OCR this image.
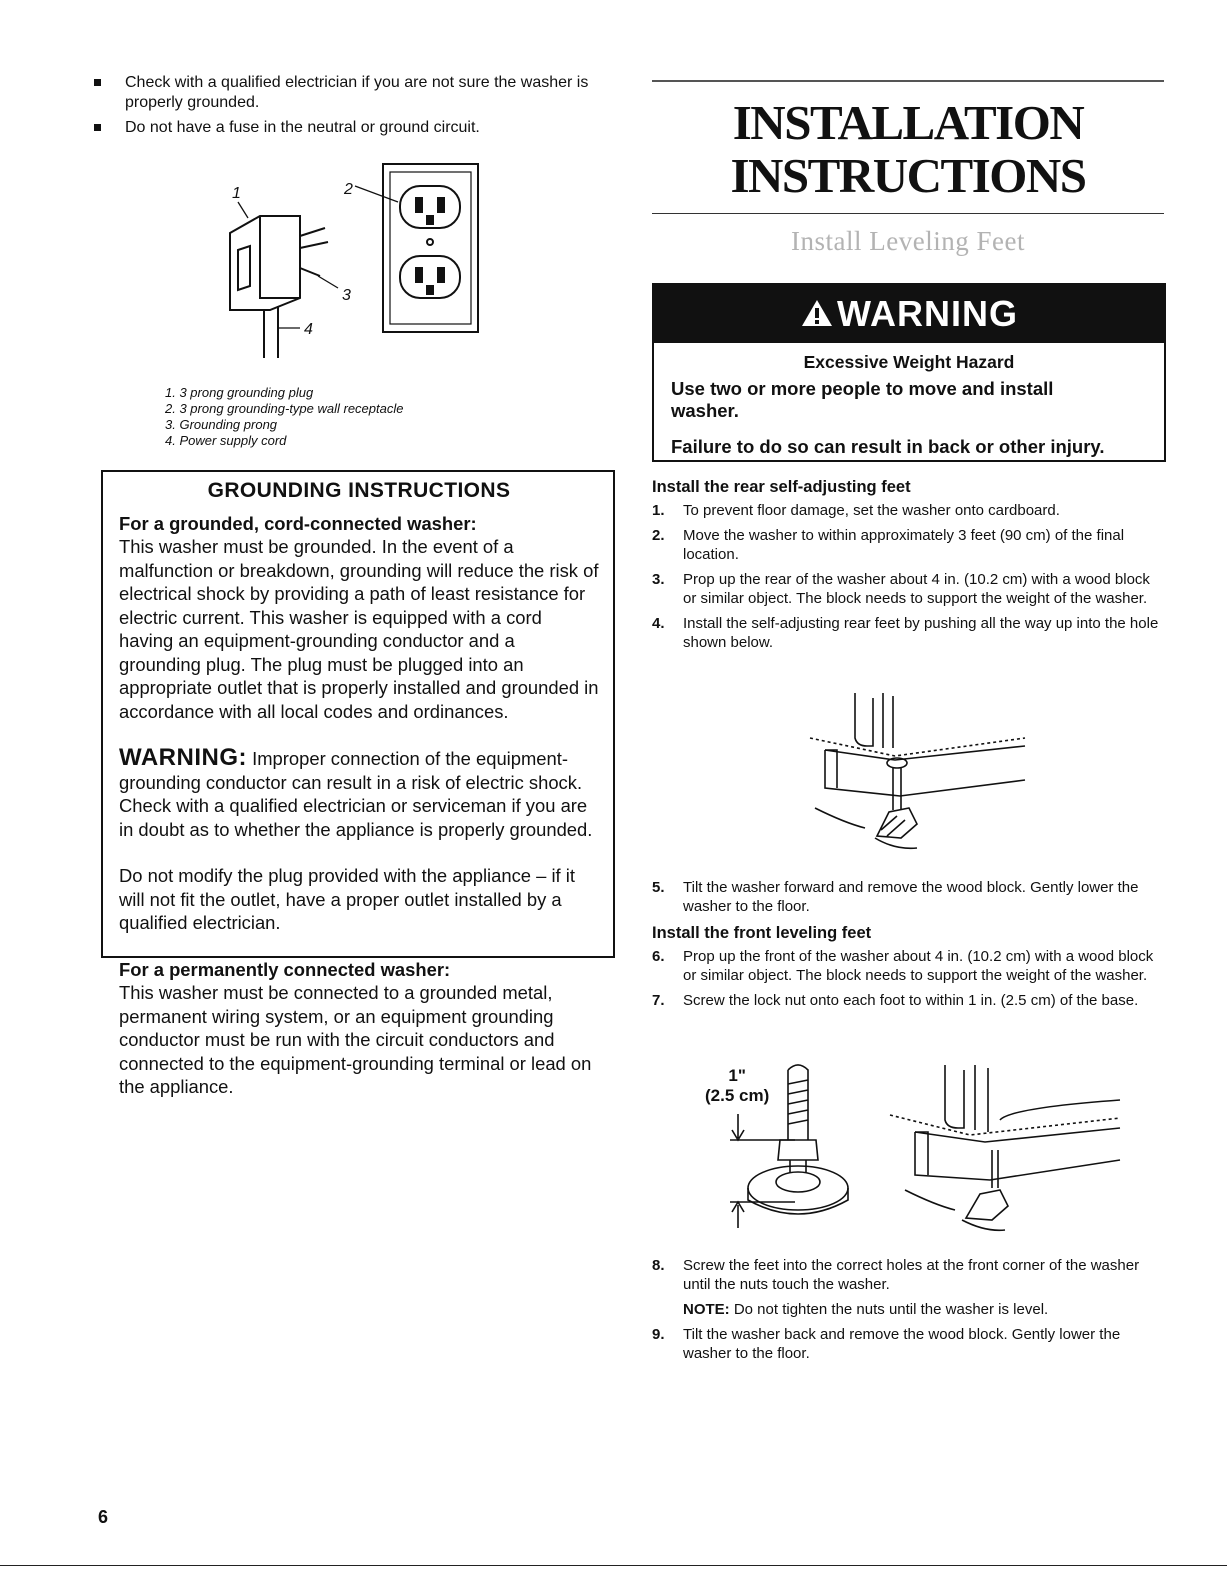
Check with a qualified electrician if you are not sure the washer is properly grounded.
Do not have a fuse in the neutral or ground circuit.
1	2
3
4
1. 3 prong grounding plug
2. 3 prong grounding-type wall receptacle
3. Grounding prong
4. Power supply cord
GROUNDING INSTRUCTIONS
For a grounded, cord-connected washer:

This washer must be grounded. In the event of a malfunction or breakdown, grounding will reduce the risk of electrical shock by providing a path of least resistance for electric current. This washer is equipped with a cord having an equipment-grounding conductor and a grounding plug. The plug must be plugged into an appropriate outlet that is properly installed and grounded in accordance with all local codes and ordinances.

WARNING: Improper connection of the equipment-grounding conductor can result in a risk of electric shock. Check with a qualified electrician or serviceman if you are in doubt as to whether the appliance is properly grounded.

Do not modify the plug provided with the appliance – if it will not fit the outlet, have a proper outlet installed by a qualified electrician.

For a permanently connected washer:

This washer must be connected to a grounded metal, permanent wiring system, or an equipment grounding conductor must be run with the circuit conductors and connected to the equipment-grounding terminal or lead on the appliance.

6
INSTALLATION
INSTRUCTIONS
Install Leveling Feet
WARNING
Excessive Weight Hazard
Use two or more people to move and install washer.
Failure to do so can result in back or other injury.
Install the rear self-adjusting feet
1. To prevent floor damage, set the washer onto cardboard.
2. Move the washer to within approximately 3 feet (90 cm) of the final location.
3. Prop up the rear of the washer about 4 in. (10.2 cm) with a wood block or similar object. The block needs to support the weight of the washer.
4. Install the self-adjusting rear feet by pushing all the way up into the hole shown below.
5. Tilt the washer forward and remove the wood block. Gently lower the washer to the floor.
Install the front leveling feet
6. Prop up the front of the washer about 4 in. (10.2 cm) with a wood block or similar object. The block needs to support the weight of the washer.
7. Screw the lock nut onto each foot to within 1 in. (2.5 cm) of the base.
1"
(2.5 cm)
8. Screw the feet into the correct holes at the front corner of the washer until the nuts touch the washer.
NOTE: Do not tighten the nuts until the washer is level.
9. Tilt the washer back and remove the wood block. Gently lower the washer to the floor.
